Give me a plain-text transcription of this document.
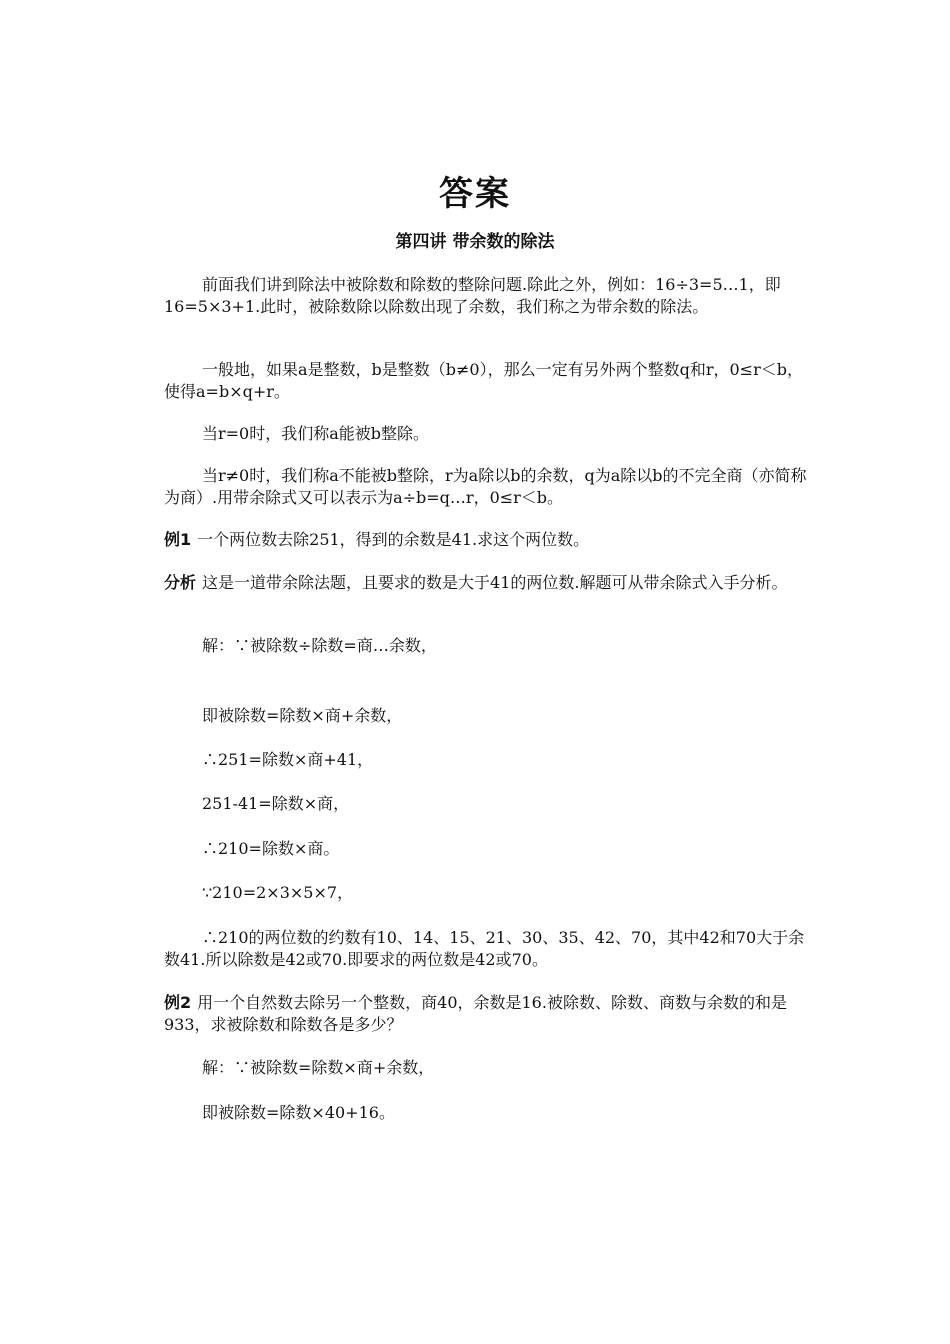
答案
第四讲 带余数的除法

前面我们讲到除法中被除数和除数的整除问题.除此之外，例如：16÷3=5…1，即16=5×3+1.此时，被除数除以除数出现了余数，我们称之为带余数的除法。

一般地，如果a是整数，b是整数（b≠0），那么一定有另外两个整数q和r，0≤r＜b，使得a=b×q+r。

当r=0时，我们称a能被b整除。

当r≠0时，我们称a不能被b整除，r为a除以b的余数，q为a除以b的不完全商（亦简称为商）.用带余除式又可以表示为a÷b=q…r，0≤r＜b。

例1 一个两位数去除251，得到的余数是41.求这个两位数。

分析 这是一道带余除法题，且要求的数是大于41的两位数.解题可从带余除式入手分析。

解：∵被除数÷除数=商…余数，

即被除数=除数×商+余数，

∴251=除数×商+41，

251-41=除数×商，

∴210=除数×商。

∵210=2×3×5×7，

∴210的两位数的约数有10、14、15、21、30、35、42、70，其中42和70大于余数41.所以除数是42或70.即要求的两位数是42或70。

例2 用一个自然数去除另一个整数，商40，余数是16.被除数、除数、商数与余数的和是933，求被除数和除数各是多少？

解：∵被除数=除数×商+余数，

即被除数=除数×40+16。
